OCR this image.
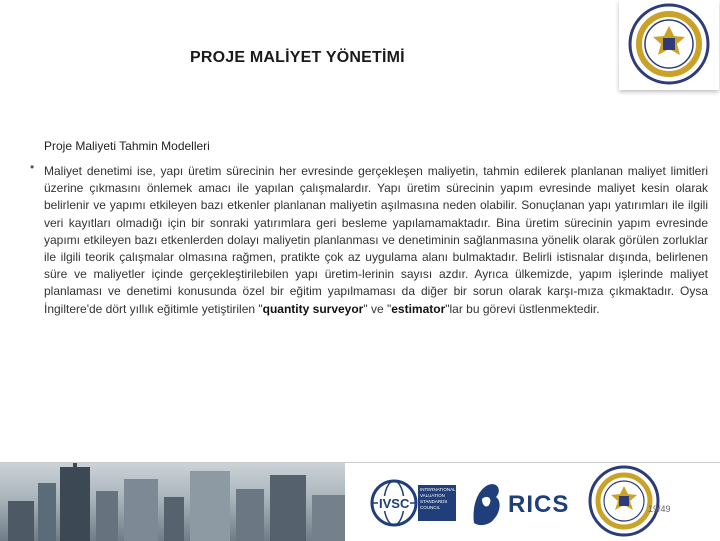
PROJE MALİYET YÖNETİMİ
Proje Maliyeti Tahmin Modelleri
• Maliyet denetimi ise, yapı üretim sürecinin her evresinde gerçekleşen maliyetin, tahmin edilerek planlanan maliyet limitleri üzerine çıkmasını önlemek amacı ile yapılan çalışmalardır. Yapı üretim sürecinin yapım evresinde maliyet kesin olarak belirlenir ve yapımı etkileyen bazı etkenler planlanan maliyetin aşılmasına neden olabilir. Sonuçlanan yapı yatırımları ile ilgili veri kayıtları olmadığı için bir sonraki yatırımlara geri besleme yapılamamaktadır. Bina üretim sürecinin yapım evresinde yapımı etkileyen bazı etkenlerden dolayı maliyetin planlanması ve denetiminin sağlanmasına yönelik olarak görülen zorluklar ile ilgili teorik çalışmalar olmasına rağmen, pratikte çok az uygulama alanı bulmaktadır. Belirli istisnalar dışında, belirlenen süre ve maliyetler içinde gerçekleştirilebilen yapı üretim-lerinin sayısı azdır. Ayrıca ülkemizde, yapım işlerinde maliyet planlaması ve denetimi konusunda özel bir eğitim yapılmaması da diğer bir sorun olarak karşı-mıza çıkmaktadır. Oysa İngiltere'de dört yıllık eğitimle yetiştirilen "quantity surveyor" ve "estimator"lar bu görevi üstlenmektedir.
IVSC
INTERNATIONAL VALUATION STANDARDS COUNCIL	RICS	19/49
